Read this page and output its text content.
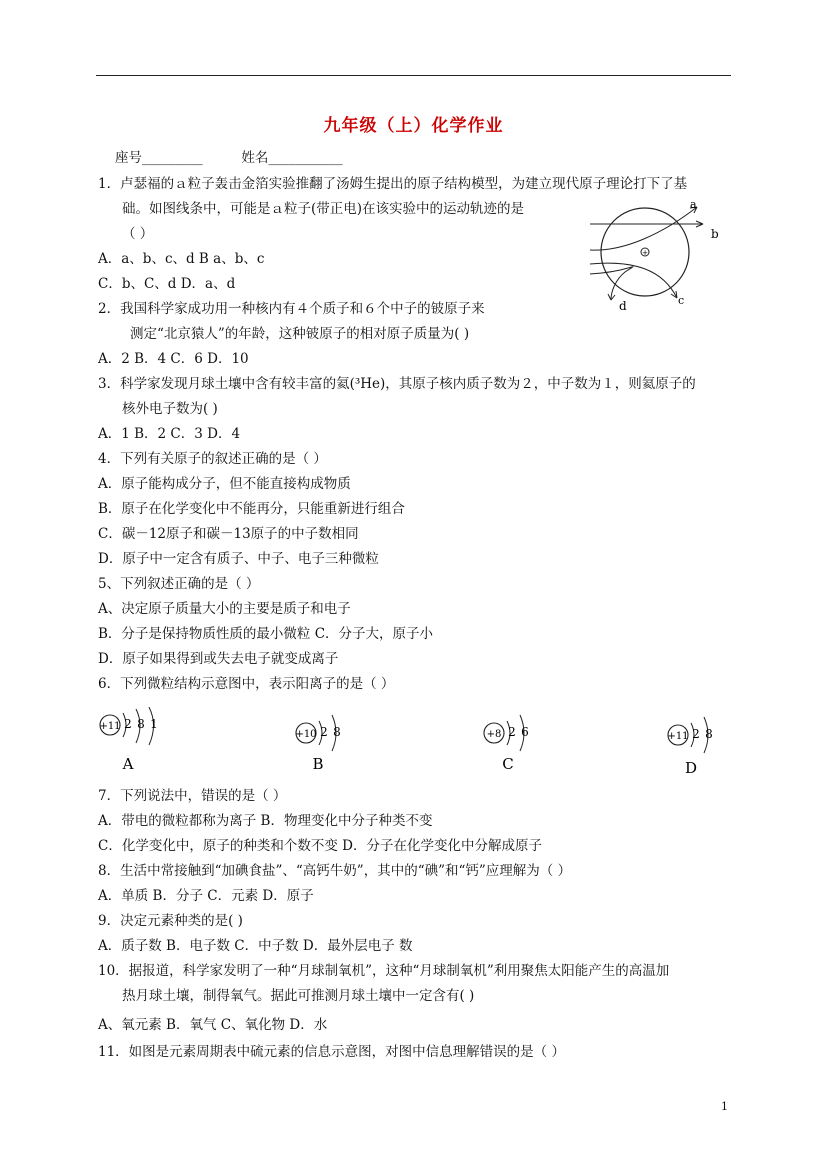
九年级（上）化学作业
座号_________	姓名___________
1．卢瑟福的ａ粒子轰击金箔实验推翻了汤姆生提出的原子结构模型，为建立现代原子理论打下了基
础。如图线条中，可能是ａ粒子(带正电)在该实验中的运动轨迹的是
（ ）
A．a、b、c、d B a、b、c
C．b、C、d D．a、d
2．我国科学家成功用一种核内有４个质子和６个中子的铍原子来
测定“北京猿人”的年龄，这种铍原子的相对原子质量为( )
A．2 B．4 C．6 D．10
3．科学家发现月球土壤中含有较丰富的氦(³He)，其原子核内质子数为２，中子数为１，则氦原子的
核外电子数为( )
A．1 B．2 C．3 D．4
4．下列有关原子的叙述正确的是（ ）
A．原子能构成分子，但不能直接构成物质
B．原子在化学变化中不能再分，只能重新进行组合
C．碳－12原子和碳－13原子的中子数相同
D．原子中一定含有质子、中子、电子三种微粒
5、下列叙述正确的是（ ）
A、决定原子质量大小的主要是质子和电子
B．分子是保持物质性质的最小微粒 C．分子大，原子小
D．原子如果得到或失去电子就变成离子
6．下列微粒结构示意图中，表示阳离子的是（ ）
7．下列说法中，错误的是（ ）
A．带电的微粒都称为离子 B．物理变化中分子种类不变
C．化学变化中，原子的种类和个数不变 D．分子在化学变化中分解成原子
8．生活中常接触到“加碘食盐”、“高钙牛奶”，其中的“碘”和“钙”应理解为（ ）
A．单质 B．分子 C．元素 D．原子
9．决定元素种类的是( )
A．质子数 B．电子数 C．中子数 D．最外层电子 数
10．据报道，科学家发明了一种“月球制氧机”，这种“月球制氧机”利用聚焦太阳能产生的高温加
热月球土壤，制得氧气。据此可推测月球土壤中一定含有( )
A、氧元素 B．氧气 C、氧化物 D．水
11．如图是元素周期表中硫元素的信息示意图，对图中信息理解错误的是（ ）
+
a
b
d	c
+11 2 8 1
A
+10 2 8
B
+8 2 6
C
+11 2 8
D
1
